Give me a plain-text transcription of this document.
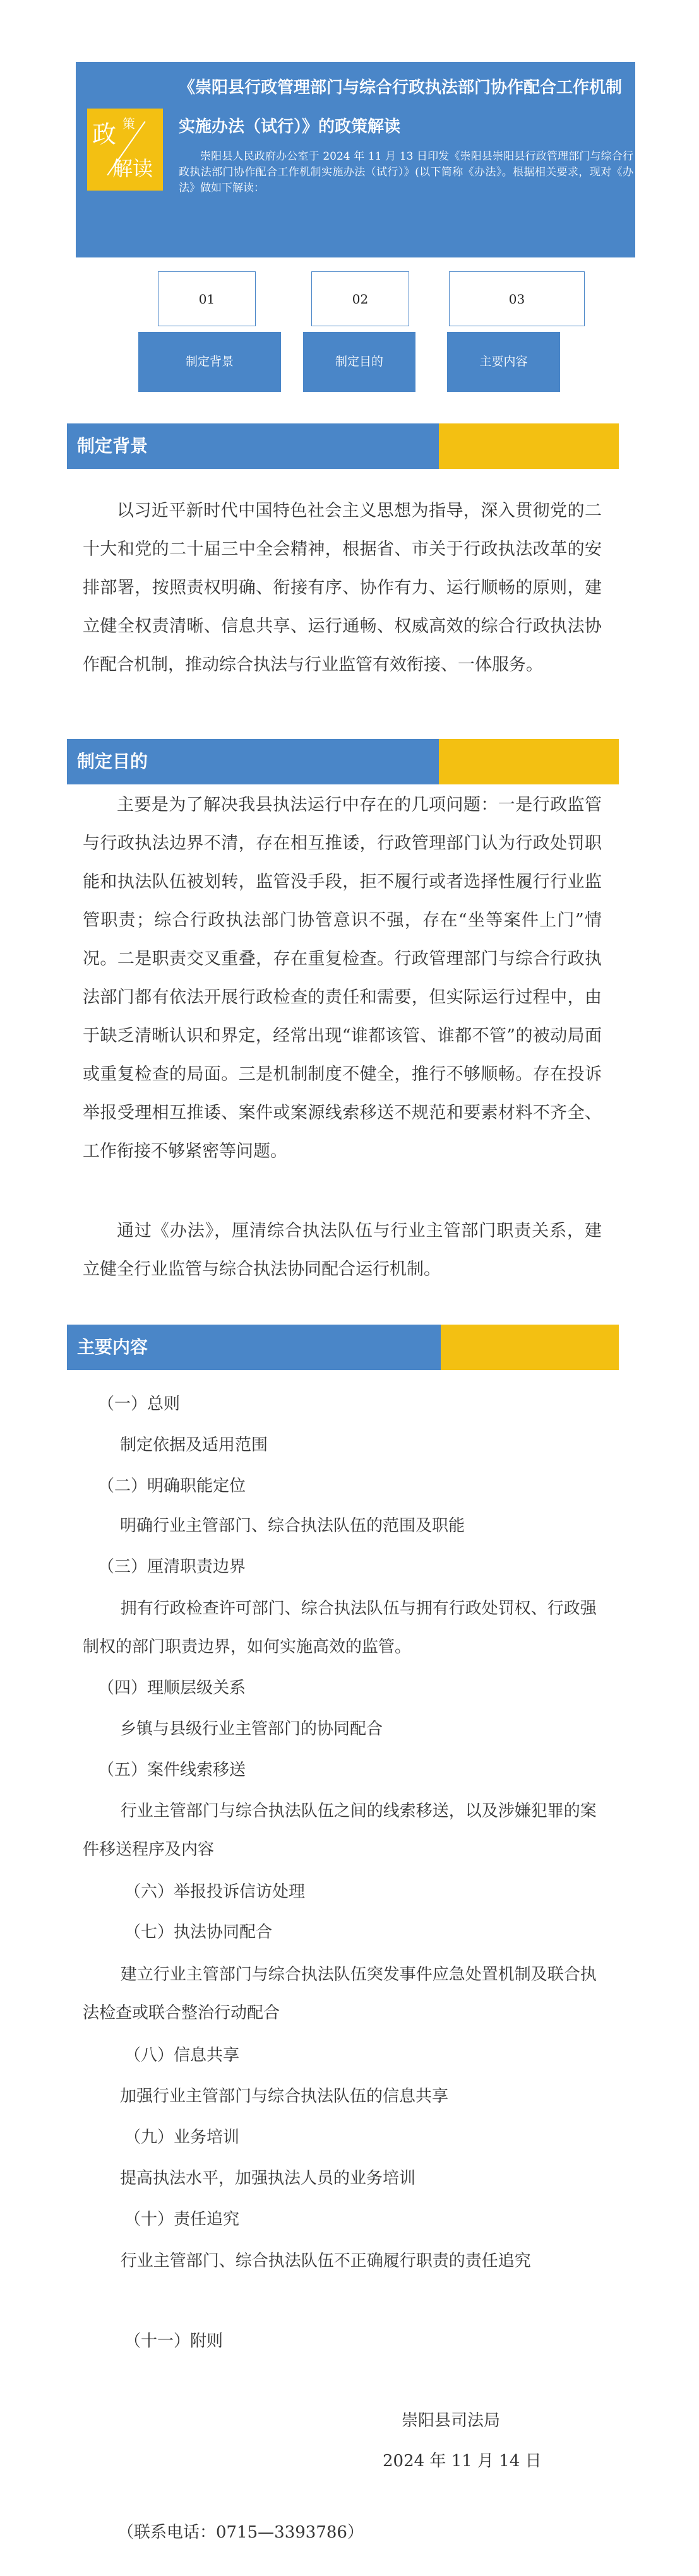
政 策
解读
《崇阳县行政管理部门与综合行政执法部门协作配合工作机制实施办法（试行）》的政策解读
崇阳县人民政府办公室于 2024 年 11 月 13 日印发《崇阳县崇阳县行政管理部门与综合行政执法部门协作配合工作机制实施办法（试行）》(以下简称《办法》。根据相关要求，现对《办法》做如下解读：
01
制定背景
02
制定目的
03
主要内容
制定背景
以习近平新时代中国特色社会主义思想为指导，深入贯彻党的二十大和党的二十届三中全会精神，根据省、市关于行政执法改革的安排部署，按照责权明确、衔接有序、协作有力、运行顺畅的原则，建立健全权责清晰、信息共享、运行通畅、权威高效的综合行政执法协作配合机制，推动综合执法与行业监管有效衔接、一体服务。
制定目的
主要是为了解决我县执法运行中存在的几项问题：一是行政监管与行政执法边界不清，存在相互推诿，行政管理部门认为行政处罚职能和执法队伍被划转，监管没手段，拒不履行或者选择性履行行业监管职责；综合行政执法部门协管意识不强，存在“坐等案件上门”情况。二是职责交叉重叠，存在重复检查。行政管理部门与综合行政执法部门都有依法开展行政检查的责任和需要，但实际运行过程中，由于缺乏清晰认识和界定，经常出现“谁都该管、谁都不管”的被动局面或重复检查的局面。三是机制制度不健全，推行不够顺畅。存在投诉举报受理相互推诿、案件或案源线索移送不规范和要素材料不齐全、工作衔接不够紧密等问题。
通过《办法》，厘清综合执法队伍与行业主管部门职责关系，建立健全行业监管与综合执法协同配合运行机制。
主要内容
（一）总则
制定依据及适用范围
（二）明确职能定位
明确行业主管部门、综合执法队伍的范围及职能
（三）厘清职责边界
拥有行政检查许可部门、综合执法队伍与拥有行政处罚权、行政强制权的部门职责边界，如何实施高效的监管。
（四）理顺层级关系
乡镇与县级行业主管部门的协同配合
（五）案件线索移送
行业主管部门与综合执法队伍之间的线索移送，以及涉嫌犯罪的案件移送程序及内容
（六）举报投诉信访处理
（七）执法协同配合
建立行业主管部门与综合执法队伍突发事件应急处置机制及联合执法检查或联合整治行动配合
（八）信息共享
加强行业主管部门与综合执法队伍的信息共享
（九）业务培训
提高执法水平，加强执法人员的业务培训
（十）责任追究
行业主管部门、综合执法队伍不正确履行职责的责任追究
（十一）附则
崇阳县司法局
2024 年 11 月 14 日
（联系电话：0715—3393786）
